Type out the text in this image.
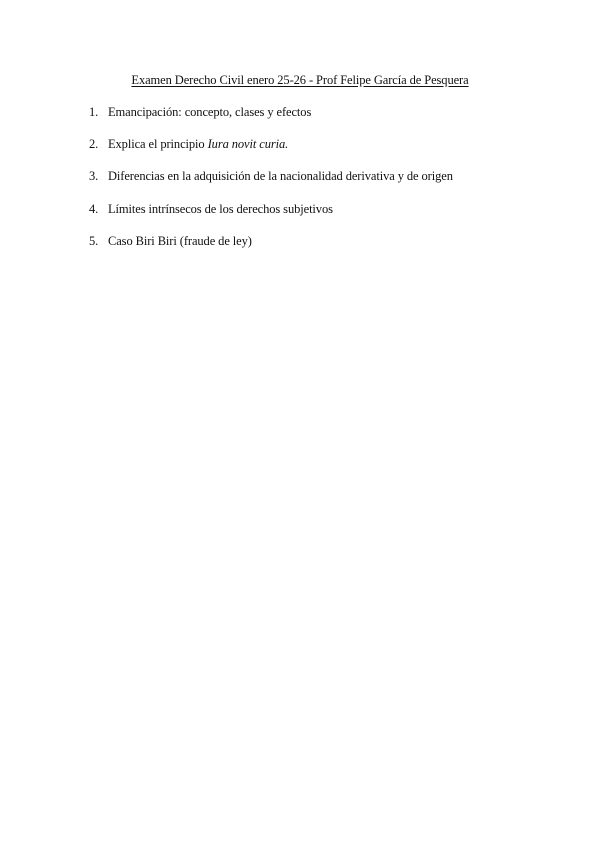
Examen Derecho Civil enero 25-26 - Prof Felipe García de Pesquera
1. Emancipación: concepto, clases y efectos
2. Explica el principio Iura novit curia.
3. Diferencias en la adquisición de la nacionalidad derivativa y de origen
4. Límites intrínsecos de los derechos subjetivos
5. Caso Biri Biri (fraude de ley)
